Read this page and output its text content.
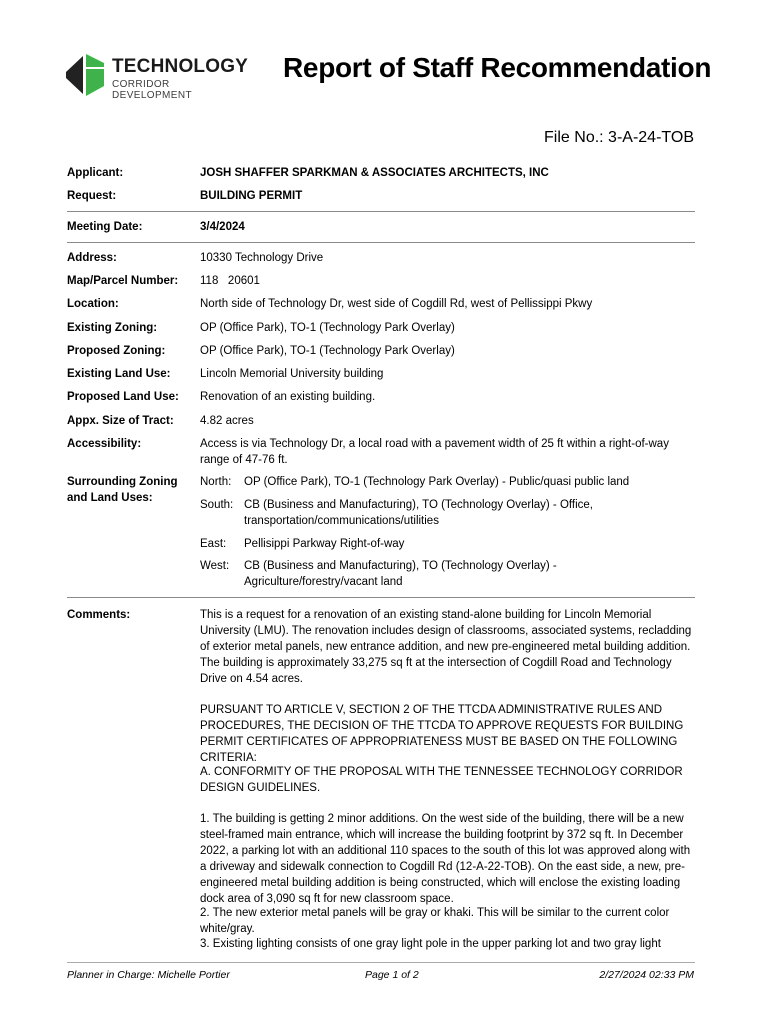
TECHNOLOGY
CORRIDOR DEVELOPMENT
Report of Staff Recommendation
File No.: 3-A-24-TOB
Applicant:	JOSH SHAFFER SPARKMAN & ASSOCIATES ARCHITECTS, INC
Request:	BUILDING PERMIT
Meeting Date:	3/4/2024
Address:	10330 Technology Drive
Map/Parcel Number: 118   20601
Location:	North side of Technology Dr, west side of Cogdill Rd, west of Pellissippi Pkwy
Existing Zoning:	OP (Office Park), TO-1 (Technology Park Overlay)
Proposed Zoning:	OP (Office Park), TO-1 (Technology Park Overlay)
Existing Land Use:	Lincoln Memorial University building
Proposed Land Use: Renovation of an existing building.
Appx. Size of Tract: 4.82 acres
Accessibility:	Access is via Technology Dr, a local road with a pavement width of 25 ft within a right-of-way range of 47-76 ft.
Surrounding Zoning
and Land Uses:
North: OP (Office Park), TO-1 (Technology Park Overlay) - Public/quasi public land
South: CB (Business and Manufacturing), TO (Technology Overlay) - Office, transportation/communications/utilities
East: Pellisippi Parkway Right-of-way
West: CB (Business and Manufacturing), TO (Technology Overlay) - Agriculture/forestry/vacant land
Comments:	This is a request for a renovation of an existing stand-alone building for Lincoln Memorial University (LMU). The renovation includes design of classrooms, associated systems, recladding of exterior metal panels, new entrance addition, and new pre-engineered metal building addition. The building is approximately 33,275 sq ft at the intersection of Cogdill Road and Technology Drive on 4.54 acres.
PURSUANT TO ARTICLE V, SECTION 2 OF THE TTCDA ADMINISTRATIVE RULES AND PROCEDURES, THE DECISION OF THE TTCDA TO APPROVE REQUESTS FOR BUILDING PERMIT CERTIFICATES OF APPROPRIATENESS MUST BE BASED ON THE FOLLOWING CRITERIA:
A. CONFORMITY OF THE PROPOSAL WITH THE TENNESSEE TECHNOLOGY CORRIDOR DESIGN GUIDELINES.
1. The building is getting 2 minor additions. On the west side of the building, there will be a new steel-framed main entrance, which will increase the building footprint by 372 sq ft. In December 2022, a parking lot with an additional 110 spaces to the south of this lot was approved along with a driveway and sidewalk connection to Cogdill Rd (12-A-22-TOB). On the east side, a new, pre-engineered metal building addition is being constructed, which will enclose the existing loading dock area of 3,090 sq ft for new classroom space.
2. The new exterior metal panels will be gray or khaki. This will be similar to the current color white/gray.
3. Existing lighting consists of one gray light pole in the upper parking lot and two gray light
Planner in Charge: Michelle Portier	Page 1 of 2	2/27/2024 02:33 PM
